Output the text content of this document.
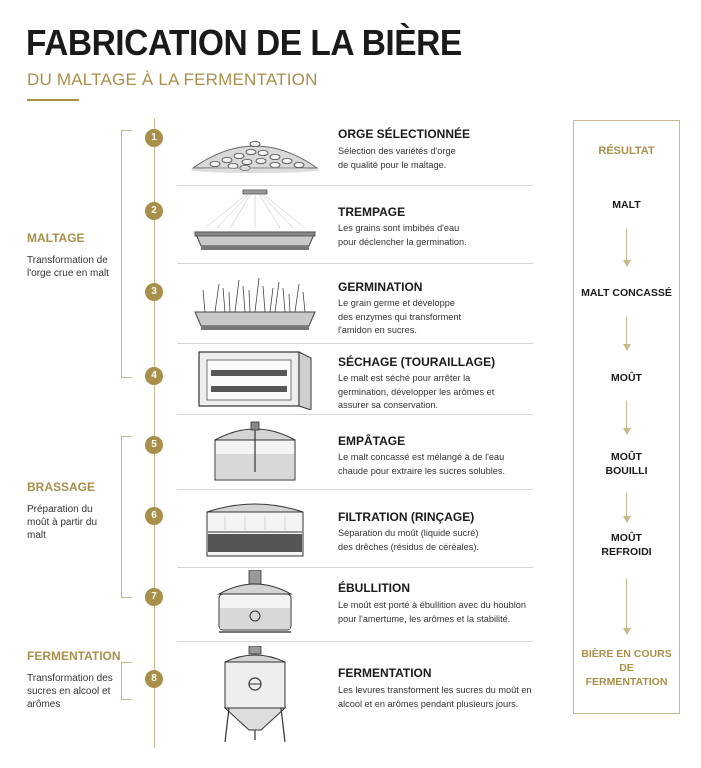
FABRICATION DE LA BIÈRE
DU MALTAGE À LA FERMENTATION
MALTAGE
Transformation de l'orge crue en malt
BRASSAGE
Préparation du moût à partir du malt
FERMENTATION
Transformation des sucres en alcool et arômes
1
2
3
4
5
6
7
8
ORGE SÉLECTIONNÉE
Sélection des variétés d'orge de qualité pour le maltage.
TREMPAGE
Les grains sont imbibés d'eau pour déclencher la germination.
GERMINATION
Le grain germe et développe des enzymes qui transforment l'amidon en sucres.
SÉCHAGE (TOURAILLAGE)
Le malt est séché pour arrêter la germination, développer les arômes et assurer sa conservation.
EMPÂTAGE
Le malt concassé est mélangé à de l'eau chaude pour extraire les sucres solubles.
FILTRATION (RINÇAGE)
Séparation du moût (liquide sucré) des drêches (résidus de céréales).
ÉBULLITION
Le moût est porté à ébullition avec du houblon pour l'amertume, les arômes et la stabilité.
FERMENTATION
Les levures transforment les sucres du moût en alcool et en arômes pendant plusieurs jours.
RÉSULTAT
MALT
MALT CONCASSÉ
MOÛT
MOÛT BOUILLI
MOÛT REFROIDI
BIÈRE EN COURS DE FERMENTATION
